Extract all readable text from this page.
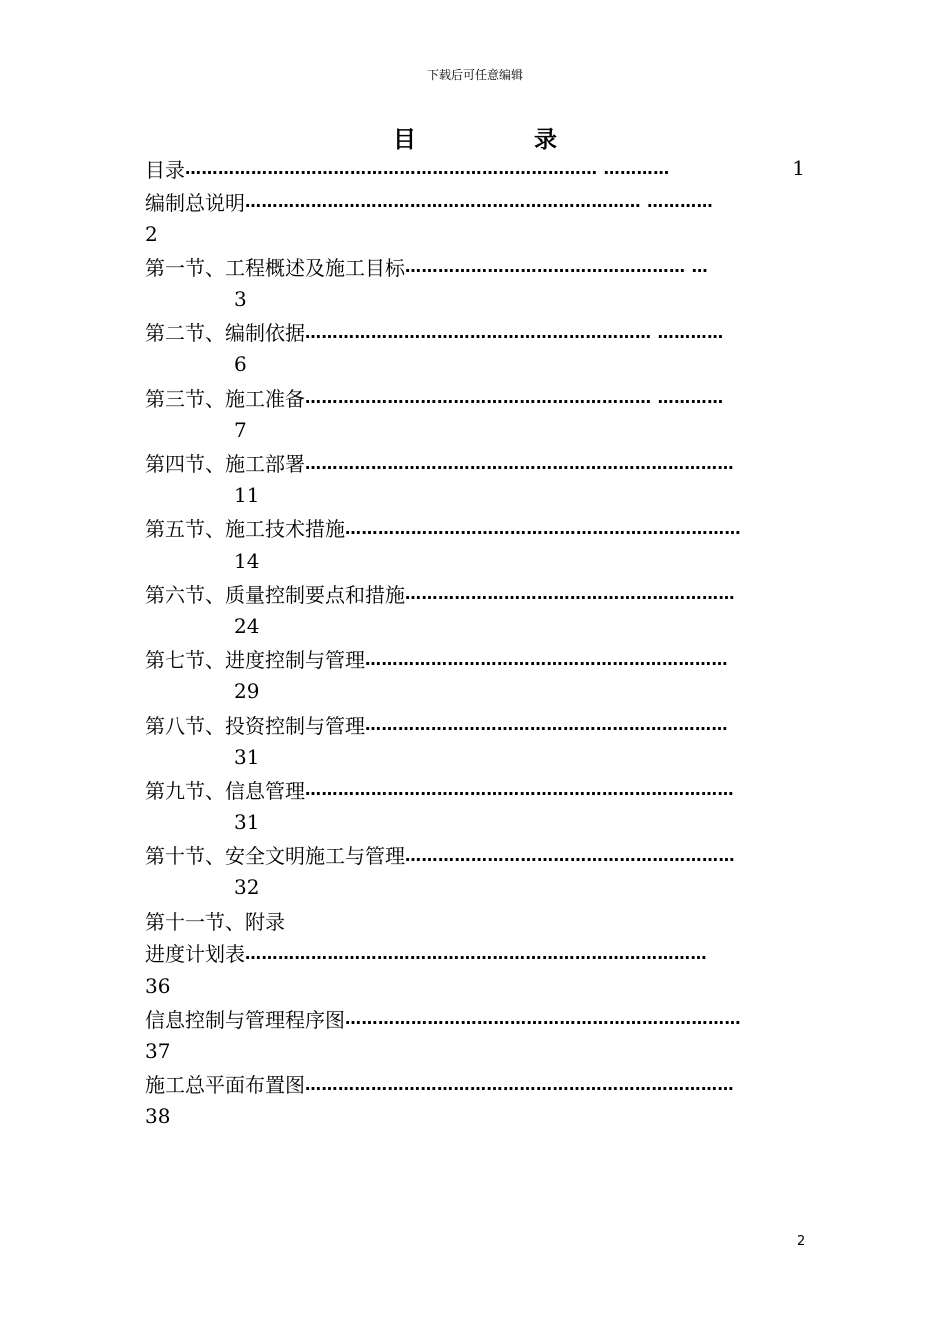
下载后可任意编辑
目	录
目录 ………………………………………………………………… …………	1
编制总说明 ……………………………………………………………… …………
2
第一节、工程概述及施工目标 …………………………………………… …
3
第二节、编制依据 ……………………………………………………… …………
6
第三节、施工准备 ……………………………………………………… …………
7
第四节、施工部署 ……………………………………………………………………
11
第五节、施工技术措施 ………………………………………………………………
14
第六节、质量控制要点和措施 ……………………………………………………
24
第七节、进度控制与管理 …………………………………………………………
29
第八节、投资控制与管理 …………………………………………………………
31
第九节、信息管理 ……………………………………………………………………
31
第十节、安全文明施工与管理 ……………………………………………………
32
第十一节、附录
进度计划表 …………………………………………………………………………
36
信息控制与管理程序图 ………………………………………………………………
37
施工总平面布置图 ……………………………………………………………………
38
2
